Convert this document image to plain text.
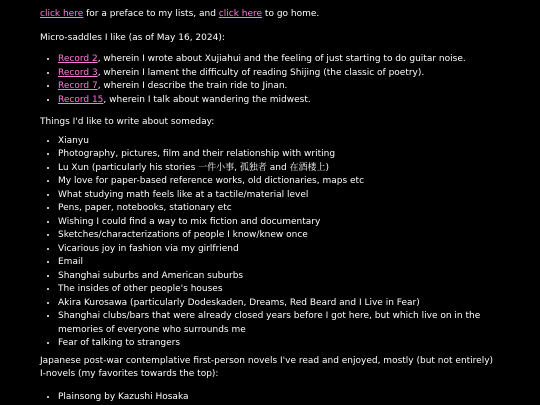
click here for a preface to my lists, and click here to go home.

Micro-saddles I like (as of May 16, 2024):

• Record 2, wherein I wrote about Xujiahui and the feeling of just starting to do guitar noise.
• Record 3, wherein I lament the difficulty of reading Shijing (the classic of poetry).
• Record 7, wherein I describe the train ride to Jinan.
• Record 15, wherein I talk about wandering the midwest.

Things I'd like to write about someday:

• Xianyu
• Photography, pictures, film and their relationship with writing
• Lu Xun (particularly his stories 一件小事, 孤独者 and 在酒楼上)
• My love for paper-based reference works, old dictionaries, maps etc
• What studying math feels like at a tactile/material level
• Pens, paper, notebooks, stationary etc
• Wishing I could find a way to mix fiction and documentary
• Sketches/characterizations of people I know/knew once
• Vicarious joy in fashion via my girlfriend
• Email
• Shanghai suburbs and American suburbs
• The insides of other people's houses
• Akira Kurosawa (particularly Dodeskaden, Dreams, Red Beard and I Live in Fear)
• Shanghai clubs/bars that were already closed years before I got here, but which live on in the memories of everyone who surrounds me
• Fear of talking to strangers

Japanese post-war contemplative first-person novels I've read and enjoyed, mostly (but not entirely) I-novels (my favorites towards the top):

• Plainsong by Kazushi Hosaka
